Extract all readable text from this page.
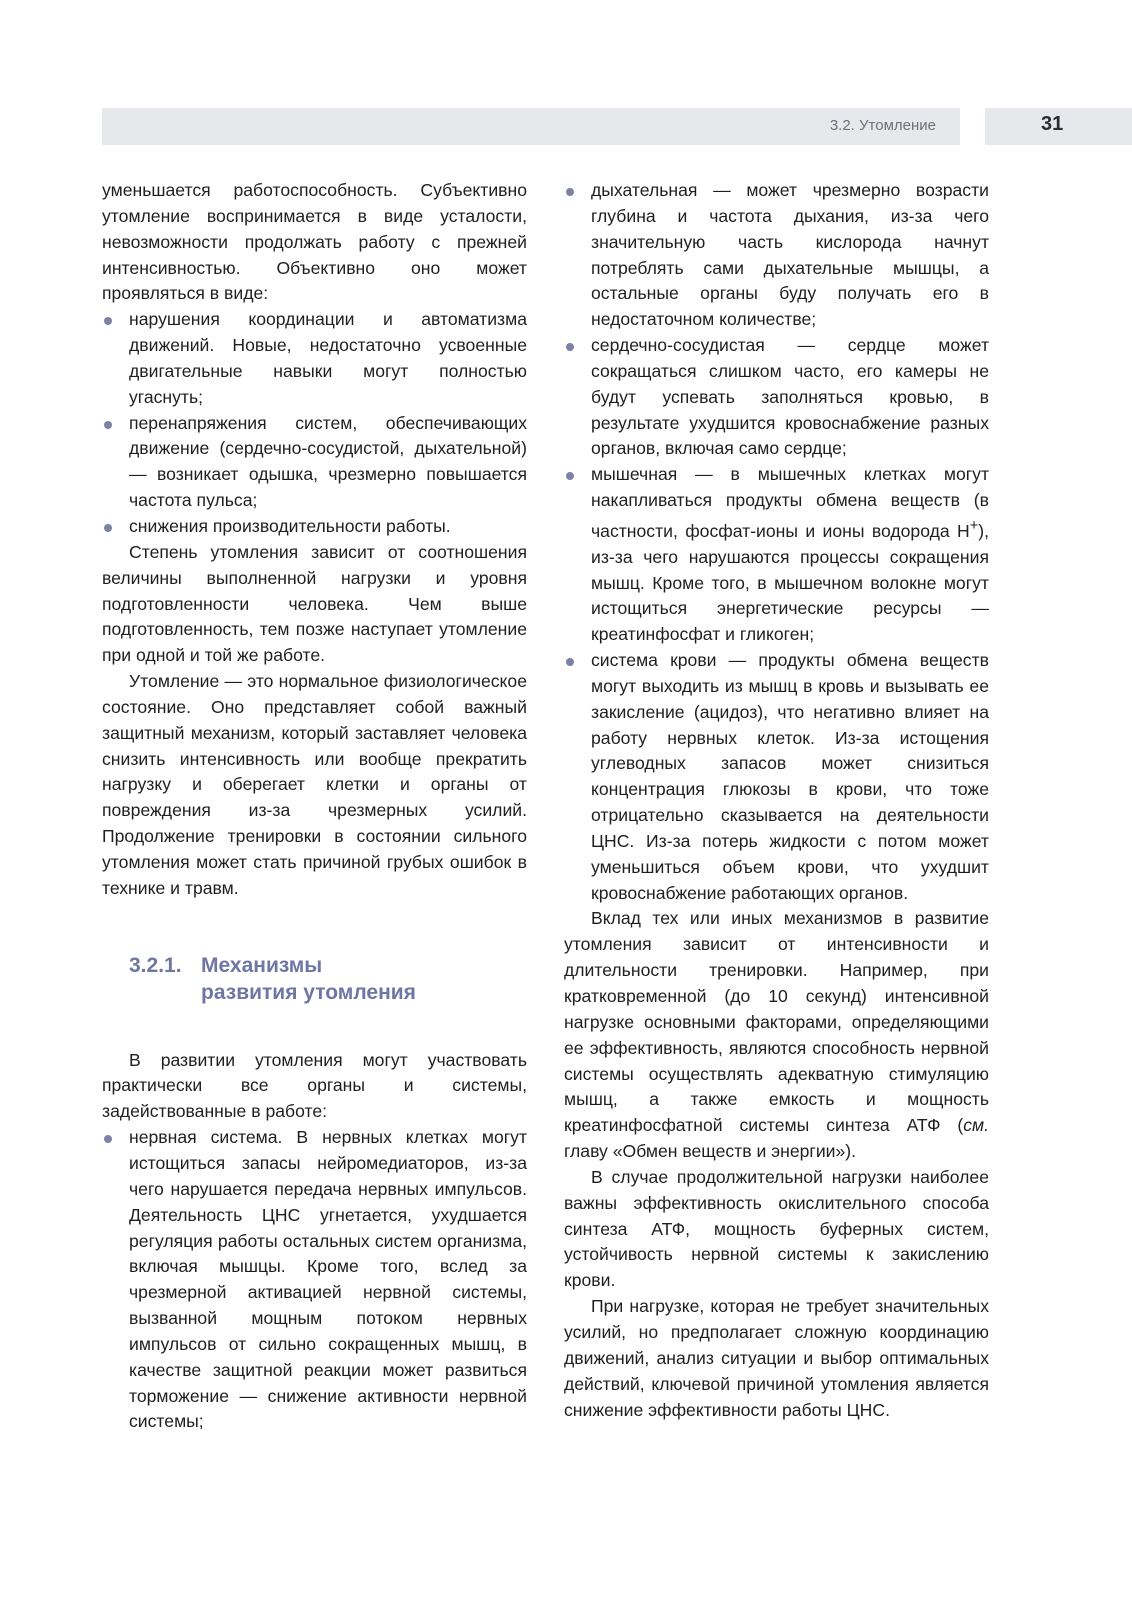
3.2. Утомление	31

уменьшается работоспособность. Субъективно утомление воспринимается в виде усталости, невозможности продолжать работу с прежней интенсивностью. Объективно оно может проявляться в виде:

нарушения координации и автоматизма движений. Новые, недостаточно усвоенные двигательные навыки могут полностью угаснуть;
перенапряжения систем, обеспечивающих движение (сердечно-сосудистой, дыхательной) — возникает одышка, чрезмерно повышается частота пульса;
снижения производительности работы.

Степень утомления зависит от соотношения величины выполненной нагрузки и уровня подготовленности человека. Чем выше подготовленность, тем позже наступает утомление при одной и той же работе.

Утомление — это нормальное физиологическое состояние. Оно представляет собой важный защитный механизм, который заставляет человека снизить интенсивность или вообще прекратить нагрузку и оберегает клетки и органы от повреждения из-за чрезмерных усилий. Продолжение тренировки в состоянии сильного утомления может стать причиной грубых ошибок в технике и травм.

3.2.1. Механизмы
развития утомления

В развитии утомления могут участвовать практически все органы и системы, задействованные в работе:

нервная система. В нервных клетках могут истощиться запасы нейромедиаторов, из-за чего нарушается передача нервных импульсов. Деятельность ЦНС угнетается, ухудшается регуляция работы остальных систем организма, включая мышцы. Кроме того, вслед за чрезмерной активацией нервной системы, вызванной мощным потоком нервных импульсов от сильно сокращенных мышц, в качестве защитной реакции может развиться торможение — снижение активности нервной системы;
дыхательная — может чрезмерно возрасти глубина и частота дыхания, из-за чего значительную часть кислорода начнут потреблять сами дыхательные мышцы, а остальные органы буду получать его в недостаточном количестве;
сердечно-сосудистая — сердце может сокращаться слишком часто, его камеры не будут успевать заполняться кровью, в результате ухудшится кровоснабжение разных органов, включая само сердце;
мышечная — в мышечных клетках могут накапливаться продукты обмена веществ (в частности, фосфат-ионы и ионы водорода H+), из-за чего нарушаются процессы сокращения мышц. Кроме того, в мышечном волокне могут истощиться энергетические ресурсы — креатинфосфат и гликоген;
система крови — продукты обмена веществ могут выходить из мышц в кровь и вызывать ее закисление (ацидоз), что негативно влияет на работу нервных клеток. Из-за истощения углеводных запасов может снизиться концентрация глюкозы в крови, что тоже отрицательно сказывается на деятельности ЦНС. Из-за потерь жидкости с потом может уменьшиться объем крови, что ухудшит кровоснабжение работающих органов.

Вклад тех или иных механизмов в развитие утомления зависит от интенсивности и длительности тренировки. Например, при кратковременной (до 10 секунд) интенсивной нагрузке основными факторами, определяющими ее эффективность, являются способность нервной системы осуществлять адекватную стимуляцию мышц, а также емкость и мощность креатинфосфатной системы синтеза АТФ (см. главу «Обмен веществ и энергии»).

В случае продолжительной нагрузки наиболее важны эффективность окислительного способа синтеза АТФ, мощность буферных систем, устойчивость нервной системы к закислению крови.

При нагрузке, которая не требует значительных усилий, но предполагает сложную координацию движений, анализ ситуации и выбор оптимальных действий, ключевой причиной утомления является снижение эффективности работы ЦНС.
